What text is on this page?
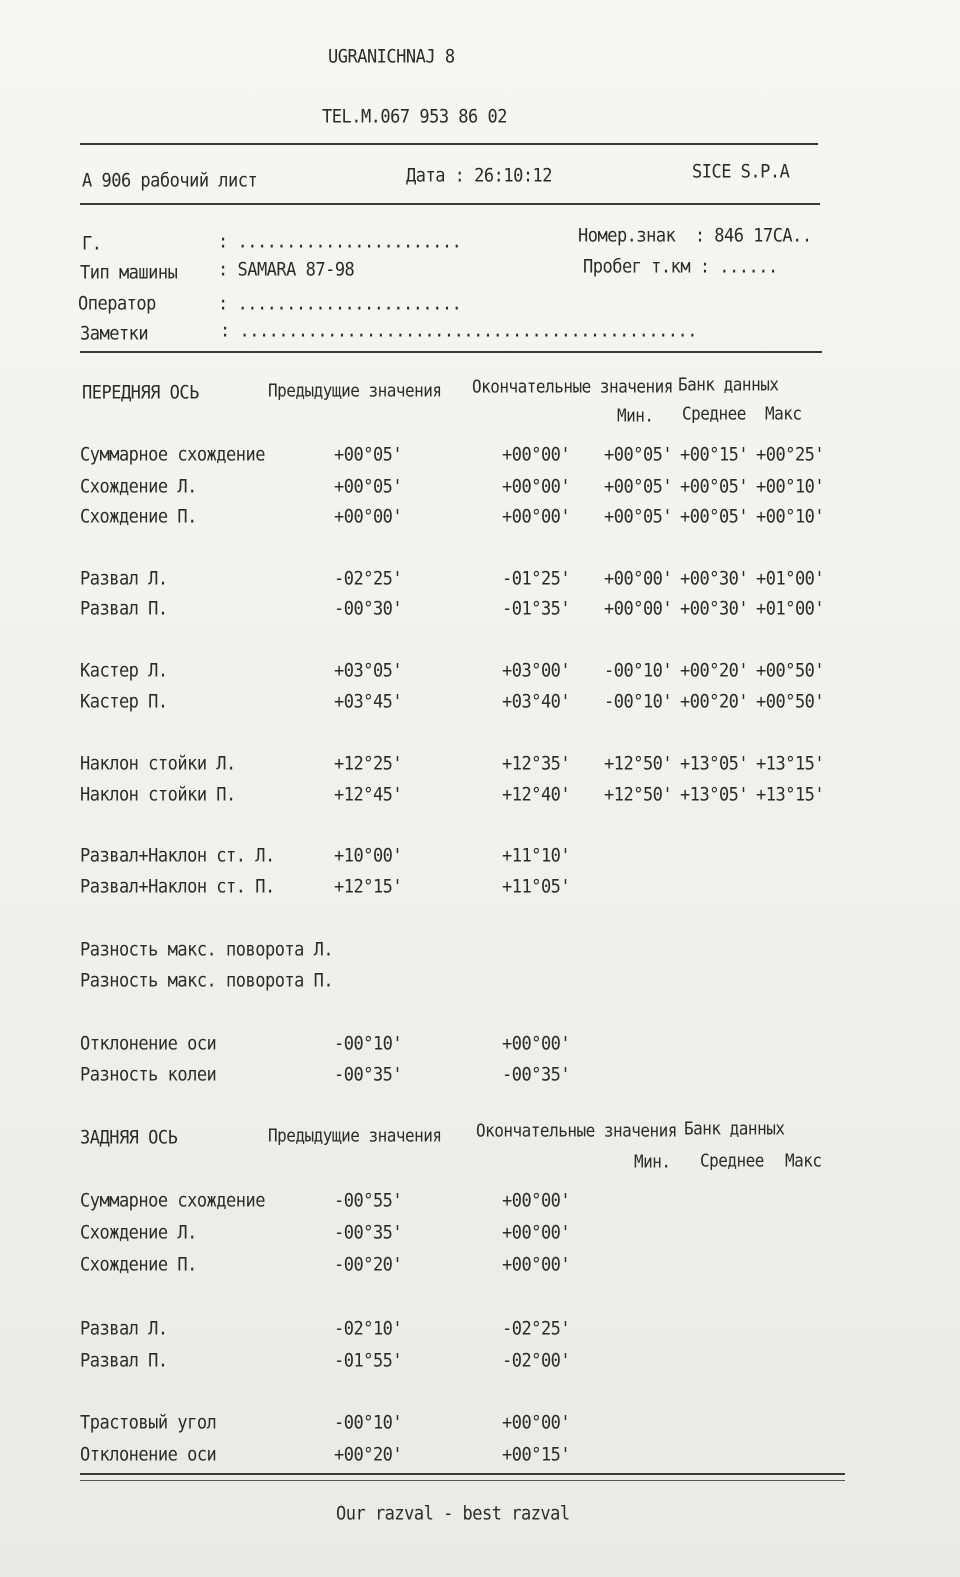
UGRANICHNAJ 8
TEL.M.067 953 86 02
A 906 рабочий лист	Дата : 26:10:12	SICE S.P.A
Г.	: .......................
Тип машины : SAMARA 87-98
Оператор	: .......................
Заметки	: ...............................................
Номер.знак  : 846 17CA..
Пробег т.км : ......
ПЕРЕДНЯЯ ОСЬ	Предыдущие значения Окончательные значения Банк данных
Мин. Среднее Макс
Суммарное схождение	+00°05'	+00°00' +00°05' +00°15' +00°25'
Схождение Л.	+00°05'	+00°00' +00°05' +00°05' +00°10'
Схождение П.	+00°00'	+00°00' +00°05' +00°05' +00°10'
Развал Л.	-02°25'	-01°25' +00°00' +00°30' +01°00'
Развал П.	-00°30'	-01°35' +00°00' +00°30' +01°00'
Кастер Л.	+03°05'	+03°00' -00°10' +00°20' +00°50'
Кастер П.	+03°45'	+03°40' -00°10' +00°20' +00°50'
Наклон стойки Л.	+12°25'	+12°35' +12°50' +13°05' +13°15'
Наклон стойки П.	+12°45'	+12°40' +12°50' +13°05' +13°15'
Развал+Наклон ст. Л.	+10°00'	+11°10'
Развал+Наклон ст. П.	+12°15'	+11°05'
Разность макс. поворота Л.
Разность макс. поворота П.
Отклонение оси	-00°10'	+00°00'
Разность колеи	-00°35'	-00°35'
ЗАДНЯЯ ОСЬ	Предыдущие значения Окончательные значения Банк данных
Мин. Среднее Макс
Суммарное схождение	-00°55'	+00°00'
Схождение Л.	-00°35'	+00°00'
Схождение П.	-00°20'	+00°00'
Развал Л.	-02°10'	-02°25'
Развал П.	-01°55'	-02°00'
Трастовый угол	-00°10'	+00°00'
Отклонение оси	+00°20'	+00°15'
Our razval - best razval
